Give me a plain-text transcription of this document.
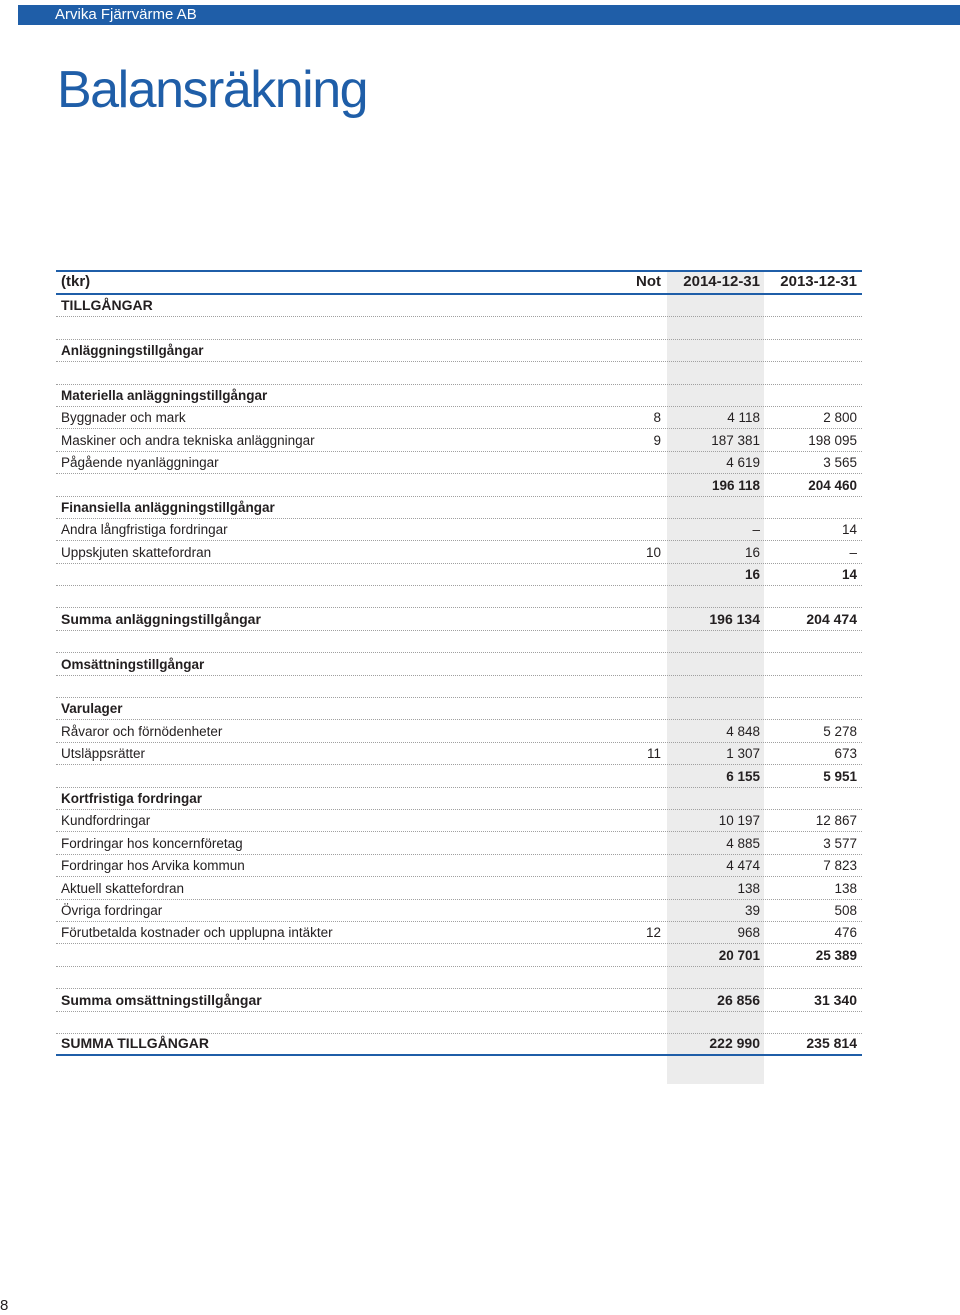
Arvika Fjärrvärme AB
Balansräkning
(tkr)	Not 2014-12-31 2013-12-31
TILLGÅNGAR
Anläggningstillgångar
Materiella anläggningstillgångar
Byggnader och mark	8	4 118	2 800
Maskiner och andra tekniska anläggningar	9	187 381	198 095
Pågående nyanläggningar	4 619	3 565
196 118	204 460
Finansiella anläggningstillgångar
Andra långfristiga fordringar	–	14
Uppskjuten skattefordran	10	16	–
16	14
Summa anläggningstillgångar	196 134	204 474
Omsättningstillgångar
Varulager
Råvaror och förnödenheter	4 848	5 278
Utsläppsrätter	11	1 307	673
6 155	5 951
Kortfristiga fordringar
Kundfordringar	10 197	12 867
Fordringar hos koncernföretag	4 885	3 577
Fordringar hos Arvika kommun	4 474	7 823
Aktuell skattefordran	138	138
Övriga fordringar	39	508
Förutbetalda kostnader och upplupna intäkter	12	968	476
20 701	25 389
Summa omsättningstillgångar	26 856	31 340
SUMMA TILLGÅNGAR	222 990	235 814
8
